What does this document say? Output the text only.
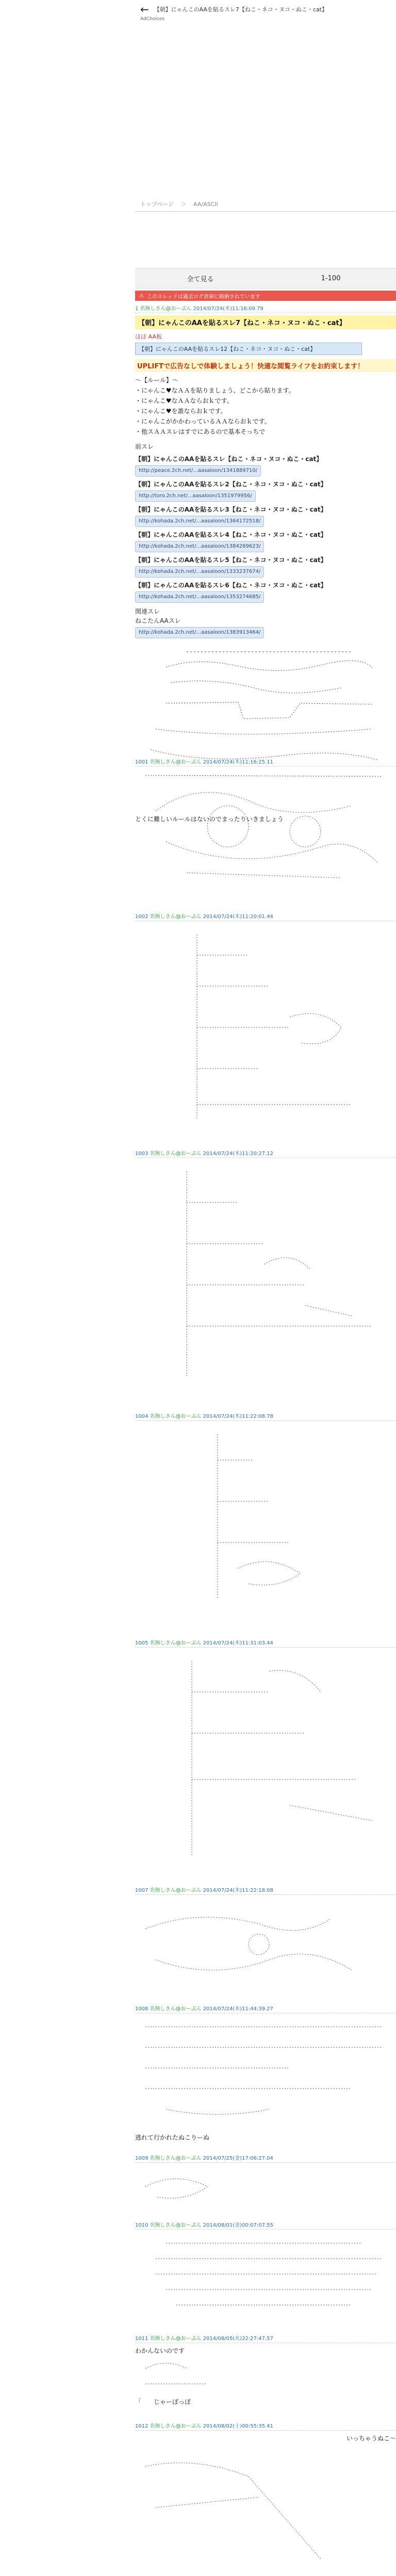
← 【朝】にゃんこのAAを貼るスレ7【ねこ・ネコ・ヌコ・ぬこ・cat】
AdChoices
トップページ ＞ AA/ASCII
全て見る	1-100
⚠ このスレッドは過去ログ倉庫に格納されています
1 名無しさん@おーぷん 2014/07/24(木)11:16:09.79
【朝】にゃんこのAAを貼るスレ7【ねこ・ネコ・ヌコ・ぬこ・cat】
ほぼ AA板
【朝】にゃんこのAAを貼るスレ12【ねこ・ネコ・ヌコ・ぬこ・cat】
UPLIFTで広告なしで体験しましょう！快適な閲覧ライフをお約束します！
～【ルール】～
・にゃんこ♥なＡＡを貼りましょう、どこから貼ります。
・にゃんこ♥なＡＡならおｋです。
・にゃんこ♥を誰ならおｋです。
・にゃんこがかかわっているＡＡならおｋです。
・他スＡＡスレはすでにあるので基本そっちで
前スレ
【朝】にゃんこのAAを貼るスレ【ねこ・ネコ・ヌコ・ぬこ・cat】
http://peace.2ch.net/...aasaloon/1341889710/
【朝】にゃんこのAAを貼るスレ2【ねこ・ネコ・ヌコ・ぬこ・cat】
http://toro.2ch.net/...aasaloon/1351979956/
【朝】にゃんこのAAを貼るスレ3【ねこ・ネコ・ヌコ・ぬこ・cat】
http://kohada.2ch.net/...aasaloon/1364172518/
【朝】にゃんこのAAを貼るスレ4【ねこ・ネコ・ヌコ・ぬこ・cat】
http://kohada.2ch.net/...aasaloon/1384269623/
【朝】にゃんこのAAを貼るスレ5【ねこ・ネコ・ヌコ・ぬこ・cat】
http://kohada.2ch.net/...aasaloon/1333237674/
【朝】にゃんこのAAを貼るスレ6【ねこ・ネコ・ヌコ・ぬこ・cat】
http://kohada.2ch.net/...aasaloon/1353274685/
関連スレ
ねこたんAAスレ
http://kohada.2ch.net/...aasaloon/1383913464/
とくに難しいルールはないのでまったりいきましょう
1001 名無しさん@おーぷん 2014/07/24(木)11:16:25.11
1002 名無しさん@おーぷん 2014/07/24(木)11:20:01.44
1003 名無しさん@おーぷん 2014/07/24(木)11:20:27.12
1004 名無しさん@おーぷん 2014/07/24(木)11:22:08.78
1005 名無しさん@おーぷん 2014/07/24(木)11:31:03.44
1007 名無しさん@おーぷん 2014/07/24(木)11:22:18.08
1008 名無しさん@おーぷん 2014/07/24(木)11:44:39.27
逃れて行かれたぬこりーぬ
1009 名無しさん@おーぷん 2014/07/25(金)17:06:27.04
1010 名無しさん@おーぷん 2014/08/01(金)00:07:07.55
1011 名無しさん@おーぷん 2014/08/05(火)22:27:47.57
わかんないのです
「　　じゃーぽっぽ
1012 名無しさん@おーぷん 2014/08/02(土)00:55:35.41
いっちゃうぬこ～
